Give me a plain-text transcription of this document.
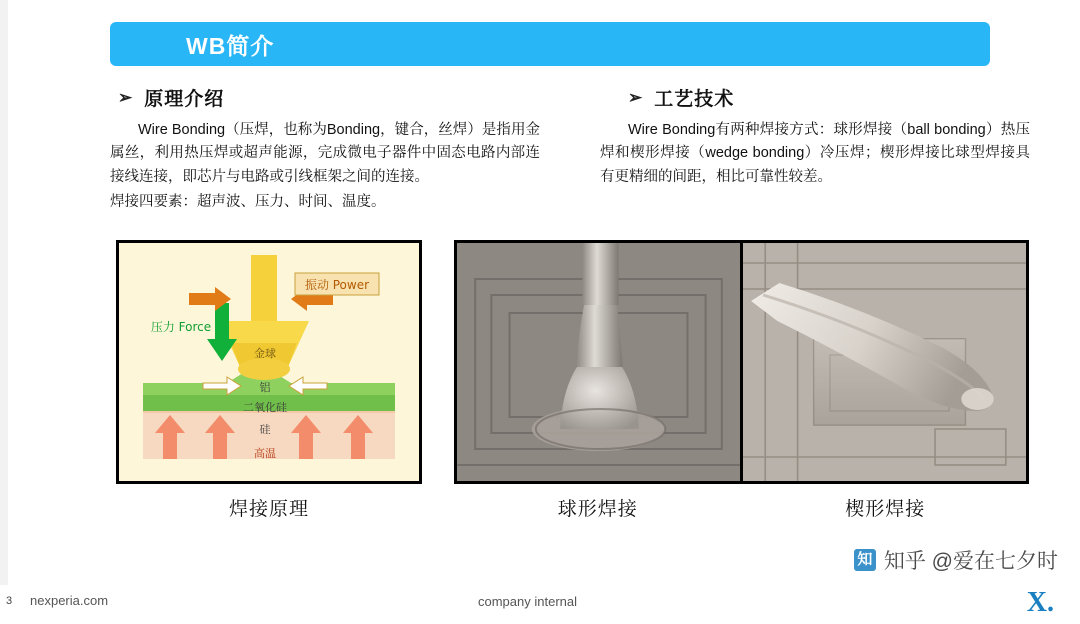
WB简介
➢ 原理介绍

Wire Bonding（压焊，也称为Bonding，键合，丝焊）是指用金属丝，利用热压焊或超声能源，完成微电子器件中固态电路内部连接线连接，即芯片与电路或引线框架之间的连接。

焊接四要素：超声波、压力、时间、温度。

➢ 工艺技术

Wire Bonding有两种焊接方式：球形焊接（ball bonding）热压焊和楔形焊接（wedge bonding）冷压焊；楔形焊接比球型焊接具有更精细的间距，相比可靠性较差。

振动 Power
压力 Force
金球
铝
二氧化硅
硅
高温
焊接原理	球形焊接	楔形焊接
知 知乎 @爱在七夕时
3 nexperia.com	company internal	X.
